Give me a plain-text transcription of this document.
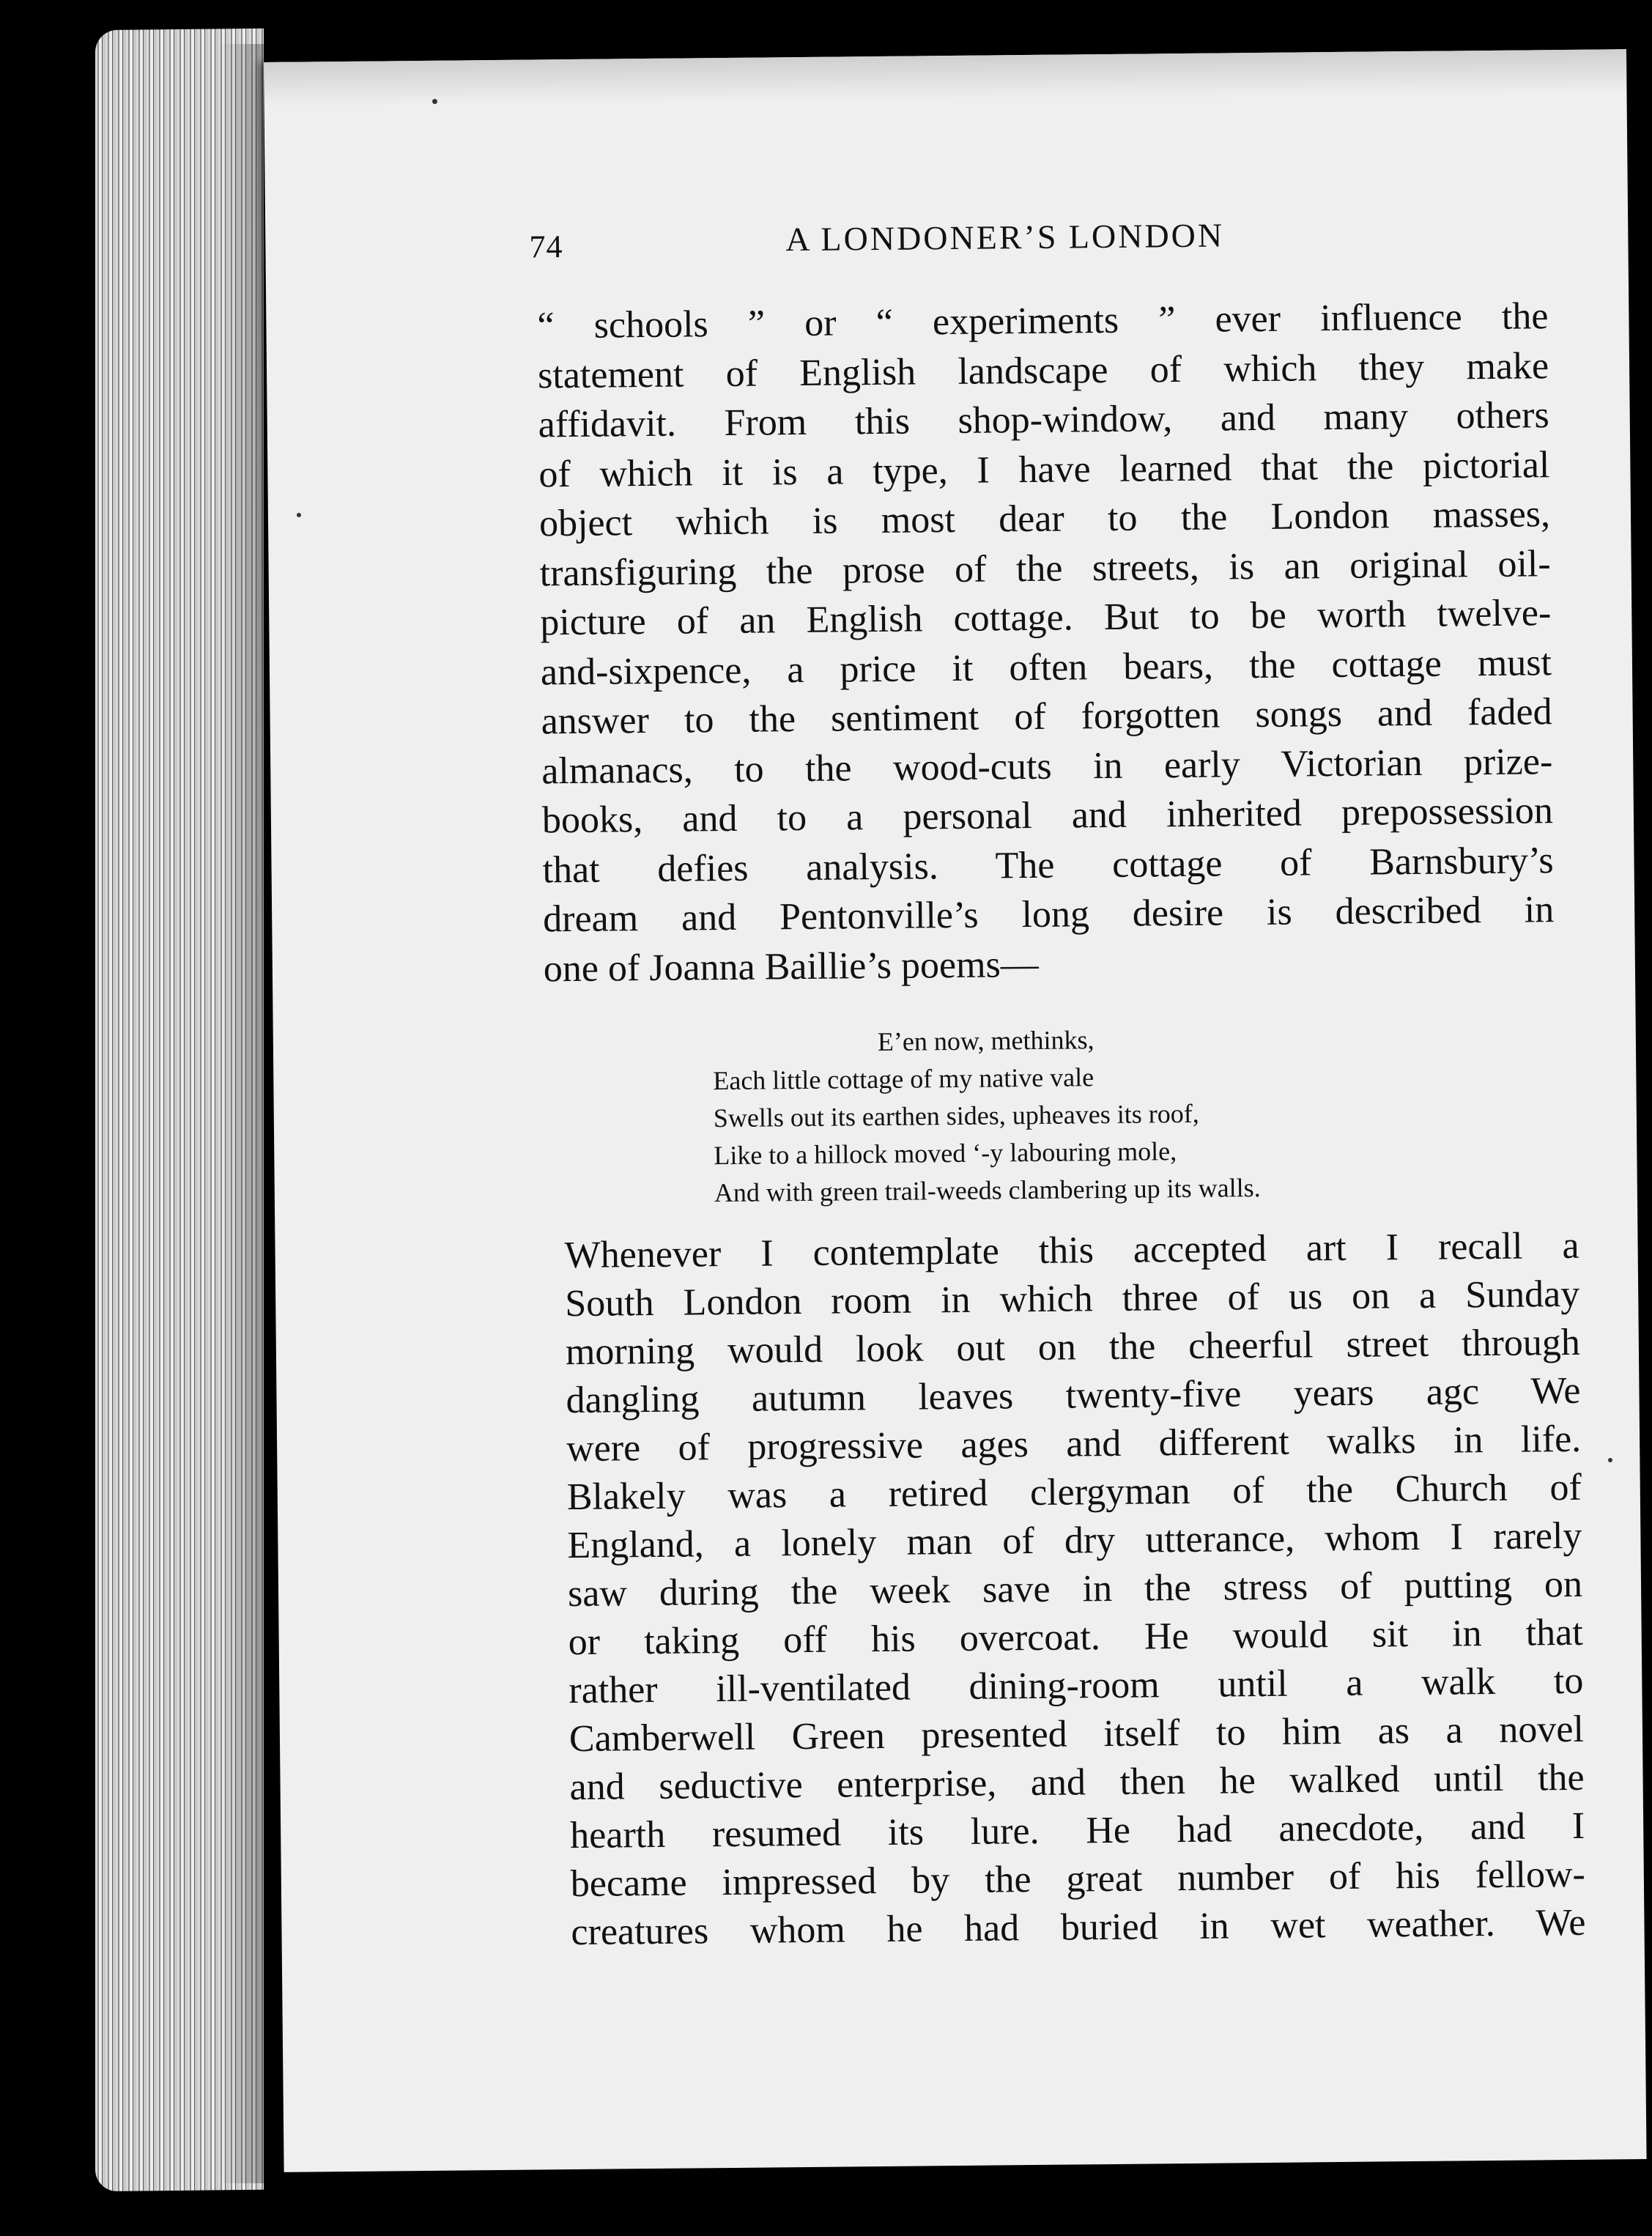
74	A LONDONER’S LONDON
“ schools ” or “ experiments ” ever influence the
statement of English landscape of which they make
affidavit. From this shop-window, and many others
of which it is a type, I have learned that the pictorial
object which is most dear to the London masses,
transfiguring the prose of the streets, is an original oil-
picture of an English cottage. But to be worth twelve-
and-sixpence, a price it often bears, the cottage must
answer to the sentiment of forgotten songs and faded
almanacs, to the wood-cuts in early Victorian prize-
books, and to a personal and inherited prepossession
that defies analysis. The cottage of Barnsbury’s
dream and Pentonville’s long desire is described in
one of Joanna Baillie’s poems—
E’en now, methinks,
Each little cottage of my native vale
Swells out its earthen sides, upheaves its roof,
Like to a hillock moved ‘-y labouring mole,
And with green trail-weeds clambering up its walls.
Whenever I contemplate this accepted art I recall a
South London room in which three of us on a Sunday
morning would look out on the cheerful street through
dangling autumn leaves twenty-five years agc We
were of progressive ages and different walks in life.
Blakely was a retired clergyman of the Church of
England, a lonely man of dry utterance, whom I rarely
saw during the week save in the stress of putting on
or taking off his overcoat. He would sit in that
rather ill-ventilated dining-room until a walk to
Camberwell Green presented itself to him as a novel
and seductive enterprise, and then he walked until the
hearth resumed its lure. He had anecdote, and I
became impressed by the great number of his fellow-
creatures whom he had buried in wet weather. We
